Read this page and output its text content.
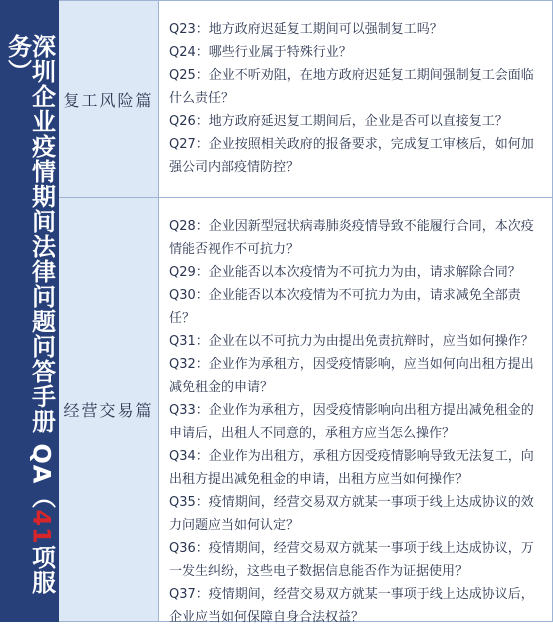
深圳企业疫情期间法律问题问答手册 QA（41项服务）
复工风险篇
Q23：地方政府迟延复工期间可以强制复工吗？
Q24：哪些行业属于特殊行业？
Q25：企业不听劝阻，在地方政府迟延复工期间强制复工会面临什么责任？
Q26：地方政府延迟复工期间后，企业是否可以直接复工？
Q27：企业按照相关政府的报备要求，完成复工审核后，如何加强公司内部疫情防控？
经营交易篇
Q28：企业因新型冠状病毒肺炎疫情导致不能履行合同，本次疫情能否视作不可抗力？
Q29：企业能否以本次疫情为不可抗力为由，请求解除合同？
Q30：企业能否以本次疫情为不可抗力为由，请求减免全部责任？
Q31：企业在以不可抗力为由提出免责抗辩时，应当如何操作？
Q32：企业作为承租方，因受疫情影响，应当如何向出租方提出减免租金的申请？
Q33：企业作为承租方，因受疫情影响向出租方提出减免租金的申请后，出租人不同意的，承租方应当怎么操作？
Q34：企业作为出租方，承租方因受疫情影响导致无法复工，向出租方提出减免租金的申请，出租方应当如何操作？
Q35：疫情期间，经营交易双方就某一事项于线上达成协议的效力问题应当如何认定？
Q36：疫情期间，经营交易双方就某一事项于线上达成协议，万一发生纠纷，这些电子数据信息能否作为证据使用？
Q37：疫情期间，经营交易双方就某一事项于线上达成协议后，企业应当如何保障自身合法权益？
